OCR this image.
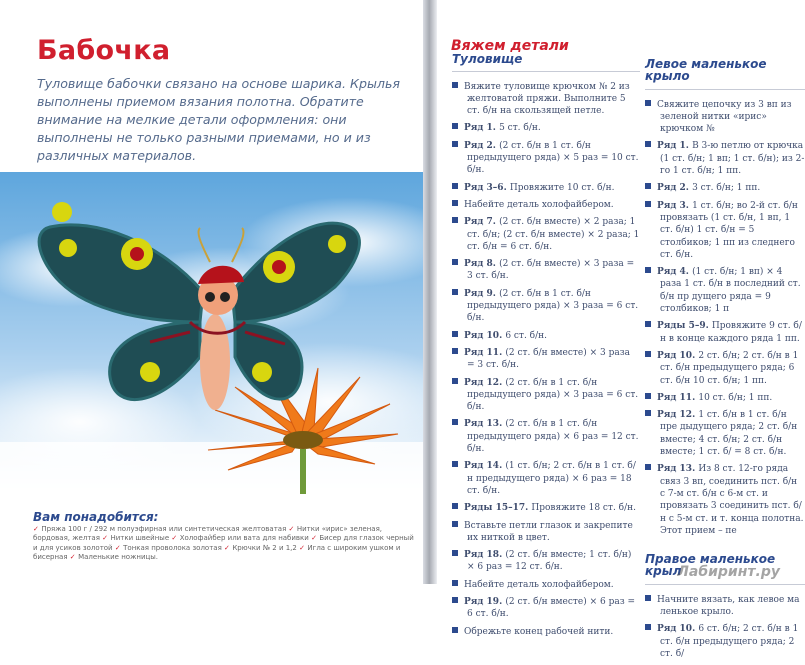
Бабочка
Туловище бабочки связано на основе шарика. Крылья выполнены приемом вязания полотна. Обратите внимание на мелкие детали оформления: они выполнены не только разными приемами, но и из различных материалов.
Вам понадобится:
✓ Пряжа 100 г / 292 м полуэфирная или синтетическая желтоватая ✓ Нитки «ирис» зеленая, бордовая, желтая ✓ Нитки швейные ✓ Холофайбер или вата для набивки ✓ Бисер для глазок черный и для усиков золотой ✓ Тонкая проволока золотая ✓ Крючки № 2 и 1,2 ✓ Игла с широким ушком и бисерная ✓ Маленькие ножницы.
Вяжем детали
Туловище
Вяжите туловище крючком № 2 из желтоватой пряжи. Выполните 5 ст. б/н на скользящей петле.
Ряд 1. 5 ст. б/н.
Ряд 2. (2 ст. б/н в 1 ст. б/н предыдущего ряда) × 5 раз = 10 ст. б/н.
Ряд 3–6. Провяжите 10 ст. б/н.
Набейте деталь холофайбером.
Ряд 7. (2 ст. б/н вместе) × 2 раза; 1 ст. б/н; (2 ст. б/н вместе) × 2 раза; 1 ст. б/н = 6 ст. б/н.
Ряд 8. (2 ст. б/н вместе) × 3 раза = 3 ст. б/н.
Ряд 9. (2 ст. б/н в 1 ст. б/н предыдущего ряда) × 3 раза = 6 ст. б/н.
Ряд 10. 6 ст. б/н.
Ряд 11. (2 ст. б/н вместе) × 3 раза = 3 ст. б/н.
Ряд 12. (2 ст. б/н в 1 ст. б/н предыдущего ряда) × 3 раза = 6 ст. б/н.
Ряд 13. (2 ст. б/н в 1 ст. б/н предыдущего ряда) × 6 раз = 12 ст. б/н.
Ряд 14. (1 ст. б/н; 2 ст. б/н в 1 ст. б/н предыдущего ряда) × 6 раз = 18 ст. б/н.
Ряды 15–17. Провяжите 18 ст. б/н.
Вставьте петли глазок и закрепите их ниткой в цвет.
Ряд 18. (2 ст. б/н вместе; 1 ст. б/н) × 6 раз = 12 ст. б/н.
Набейте деталь холофайбером.
Ряд 19. (2 ст. б/н вместе) × 6 раз = 6 ст. б/н.
Обрежьте конец рабочей нити.
Левое маленькое крыло
Свяжите цепочку из 3 вп из зеленой нитки «ирис» крючком №
Ряд 1. В 3-ю петлю от крючка (1 ст. б/н; 1 вп; 1 ст. б/н); из 2-го 1 ст. б/н; 1 пп.
Ряд 2. 3 ст. б/н; 1 пп.
Ряд 3. 1 ст. б/н; во 2-й ст. б/н провязать (1 ст. б/н, 1 вп, 1 ст. б/н) 1 ст. б/н = 5 столбиков; 1 пп из следнего ст. б/н.
Ряд 4. (1 ст. б/н; 1 вп) × 4 раза 1 ст. б/н в последний ст. б/н пр дущего ряда = 9 столбиков; 1 п
Ряды 5–9. Провяжите 9 ст. б/н в конце каждого ряда 1 пп.
Ряд 10. 2 ст. б/н; 2 ст. б/н в 1 ст. б/н предыдущего ряда; 6 ст. б/н 10 ст. б/н; 1 пп.
Ряд 11. 10 ст. б/н; 1 пп.
Ряд 12. 1 ст. б/н в 1 ст. б/н пре дыдущего ряда; 2 ст. б/н вместе; 4 ст. б/н; 2 ст. б/н вместе; 1 ст. б/ = 8 ст. б/н.
Ряд 13. Из 8 ст. 12-го ряда связ 3 вп, соединить пст. б/н с 7-м ст. б/н с 6-м ст. и провязать 3 соединить пст. б/н с 5-м ст. и т. конца полотна. Этот прием – пе
Правое маленькое крыл
Начните вязать, как левое ма ленькое крыло.
Ряд 10. 6 ст. б/н; 2 ст. б/н в 1 ст. б/н предыдущего ряда; 2 ст. б/
Лабиринт.ру
